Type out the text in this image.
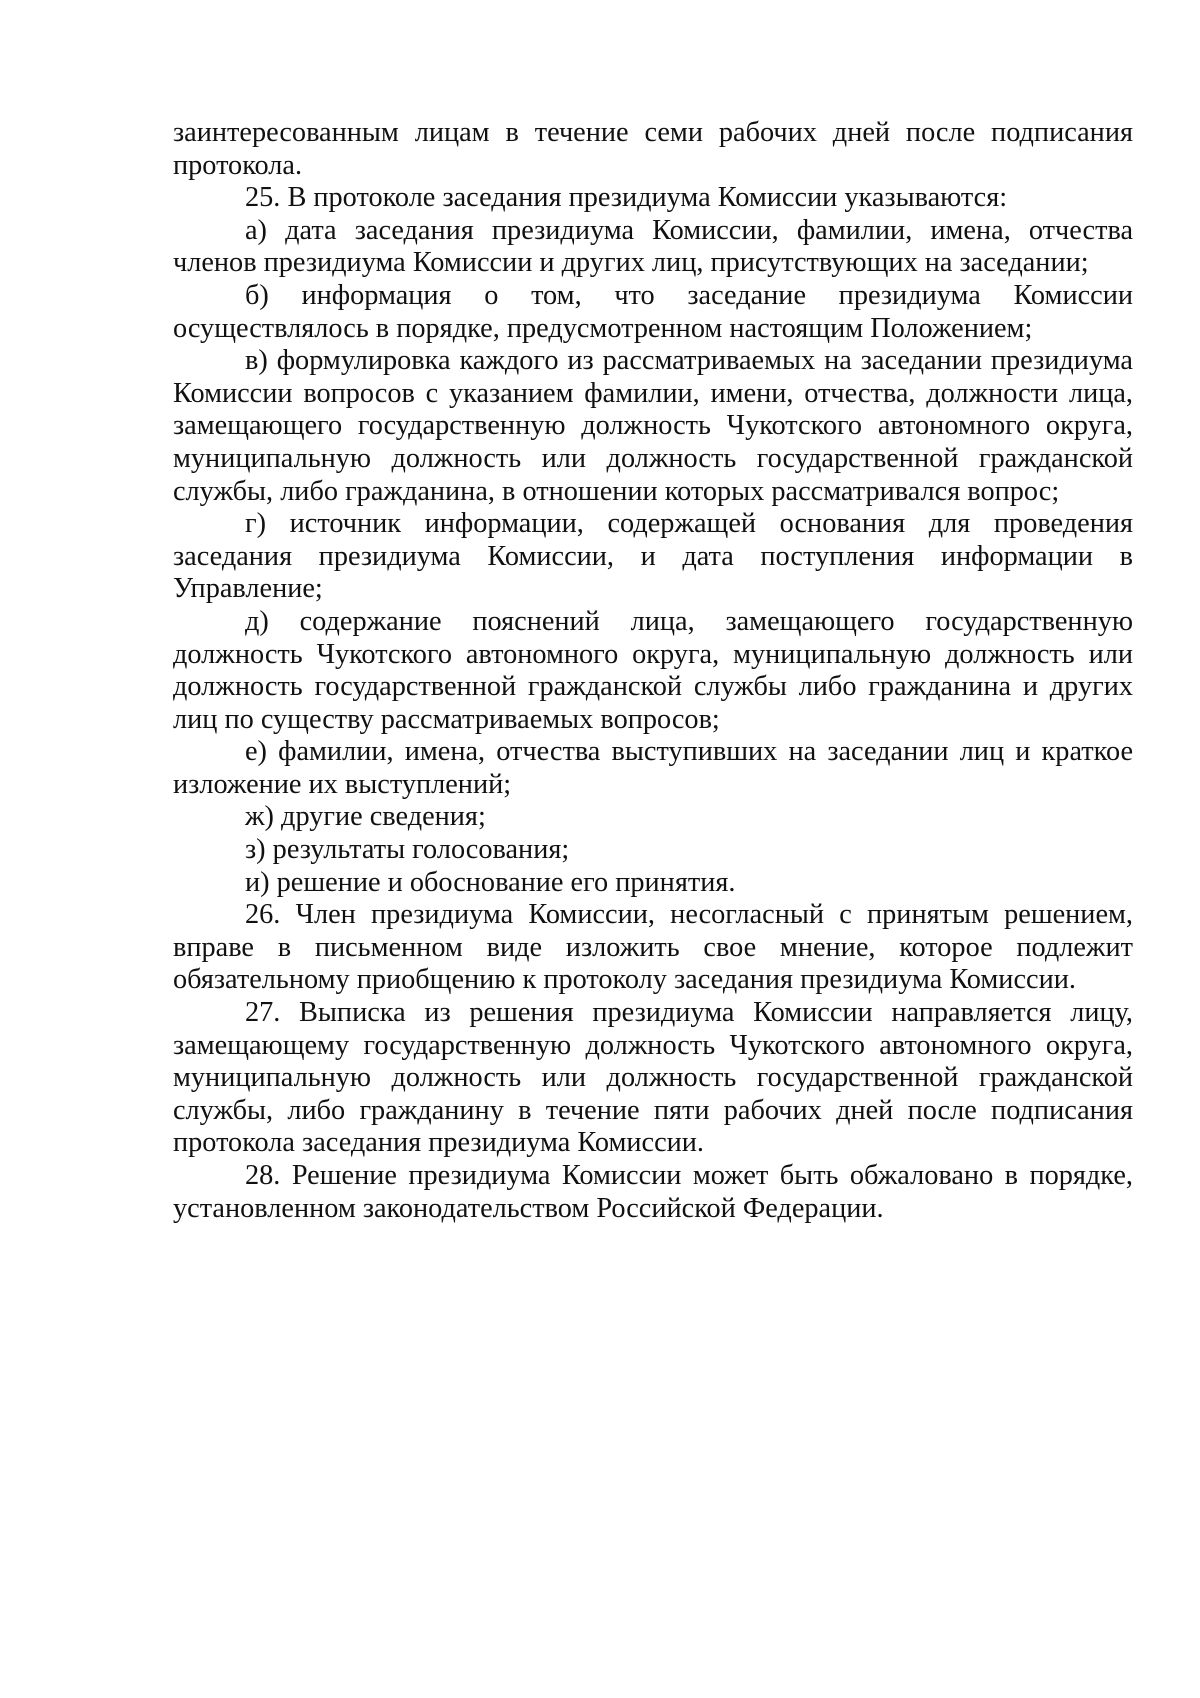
заинтересованным лицам в течение семи рабочих дней после подписания протокола.

25. В протоколе заседания президиума Комиссии указываются:

а) дата заседания президиума Комиссии, фамилии, имена, отчества членов президиума Комиссии и других лиц, присутствующих на заседании;

б) информация о том, что заседание президиума Комиссии осуществлялось в порядке, предусмотренном настоящим Положением;

в) формулировка каждого из рассматриваемых на заседании президиума Комиссии вопросов с указанием фамилии, имени, отчества, должности лица, замещающего государственную должность Чукотского автономного округа, муниципальную должность или должность государственной гражданской службы, либо гражданина, в отношении которых рассматривался вопрос;

г) источник информации, содержащей основания для проведения заседания президиума Комиссии, и дата поступления информации в Управление;

д) содержание пояснений лица, замещающего государственную должность Чукотского автономного округа, муниципальную должность или должность государственной гражданской службы либо гражданина и других лиц по существу рассматриваемых вопросов;

е) фамилии, имена, отчества выступивших на заседании лиц и краткое изложение их выступлений;

ж) другие сведения;

з) результаты голосования;

и) решение и обоснование его принятия.

26. Член президиума Комиссии, несогласный с принятым решением, вправе в письменном виде изложить свое мнение, которое подлежит обязательному приобщению к протоколу заседания президиума Комиссии.

27. Выписка из решения президиума Комиссии направляется лицу, замещающему государственную должность Чукотского автономного округа, муниципальную должность или должность государственной гражданской службы, либо гражданину в течение пяти рабочих дней после подписания протокола заседания президиума Комиссии.

28. Решение президиума Комиссии может быть обжаловано в порядке, установленном законодательством Российской Федерации.
